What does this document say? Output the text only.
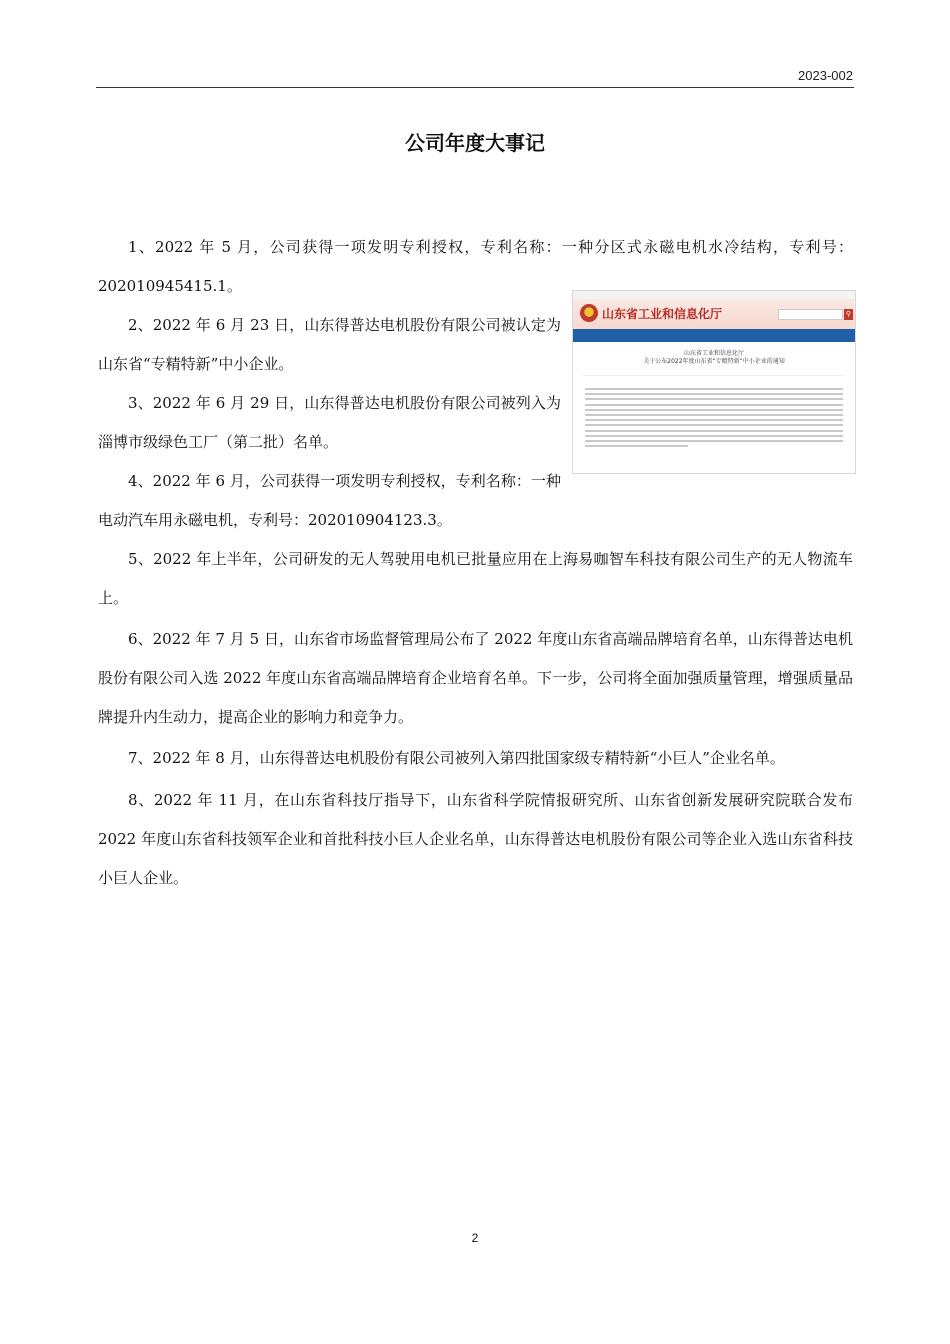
2023-002
公司年度大事记

1、2022 年 5 月，公司获得一项发明专利授权，专利名称：一种分区式永磁电机水冷结构，专利号：202010945415.1。

2、2022 年 6 月 23 日，山东得普达电机股份有限公司被认定为山东省“专精特新”中小企业。

3、2022 年 6 月 29 日，山东得普达电机股份有限公司被列入为淄博市级绿色工厂（第二批）名单。

4、2022 年 6 月，公司获得一项发明专利授权，专利名称：一种电动汽车用永磁电机，专利号：202010904123.3。

5、2022 年上半年，公司研发的无人驾驶用电机已批量应用在上海易咖智车科技有限公司生产的无人物流车上。

6、2022 年 7 月 5 日，山东省市场监督管理局公布了 2022 年度山东省高端品牌培育名单，山东得普达电机股份有限公司入选 2022 年度山东省高端品牌培育企业培育名单。下一步，公司将全面加强质量管理，增强质量品牌提升内生动力，提高企业的影响力和竞争力。

7、2022 年 8 月，山东得普达电机股份有限公司被列入第四批国家级专精特新“小巨人”企业名单。

8、2022 年 11 月，在山东省科技厅指导下，山东省科学院情报研究所、山东省创新发展研究院联合发布 2022 年度山东省科技领军企业和首批科技小巨人企业名单，山东得普达电机股份有限公司等企业入选山东省科技小巨人企业。

山东省工业和信息化厅	⚲
山东省工业和信息化厅
关于公布2022年度山东省“专精特新”中小企业的通知

2
